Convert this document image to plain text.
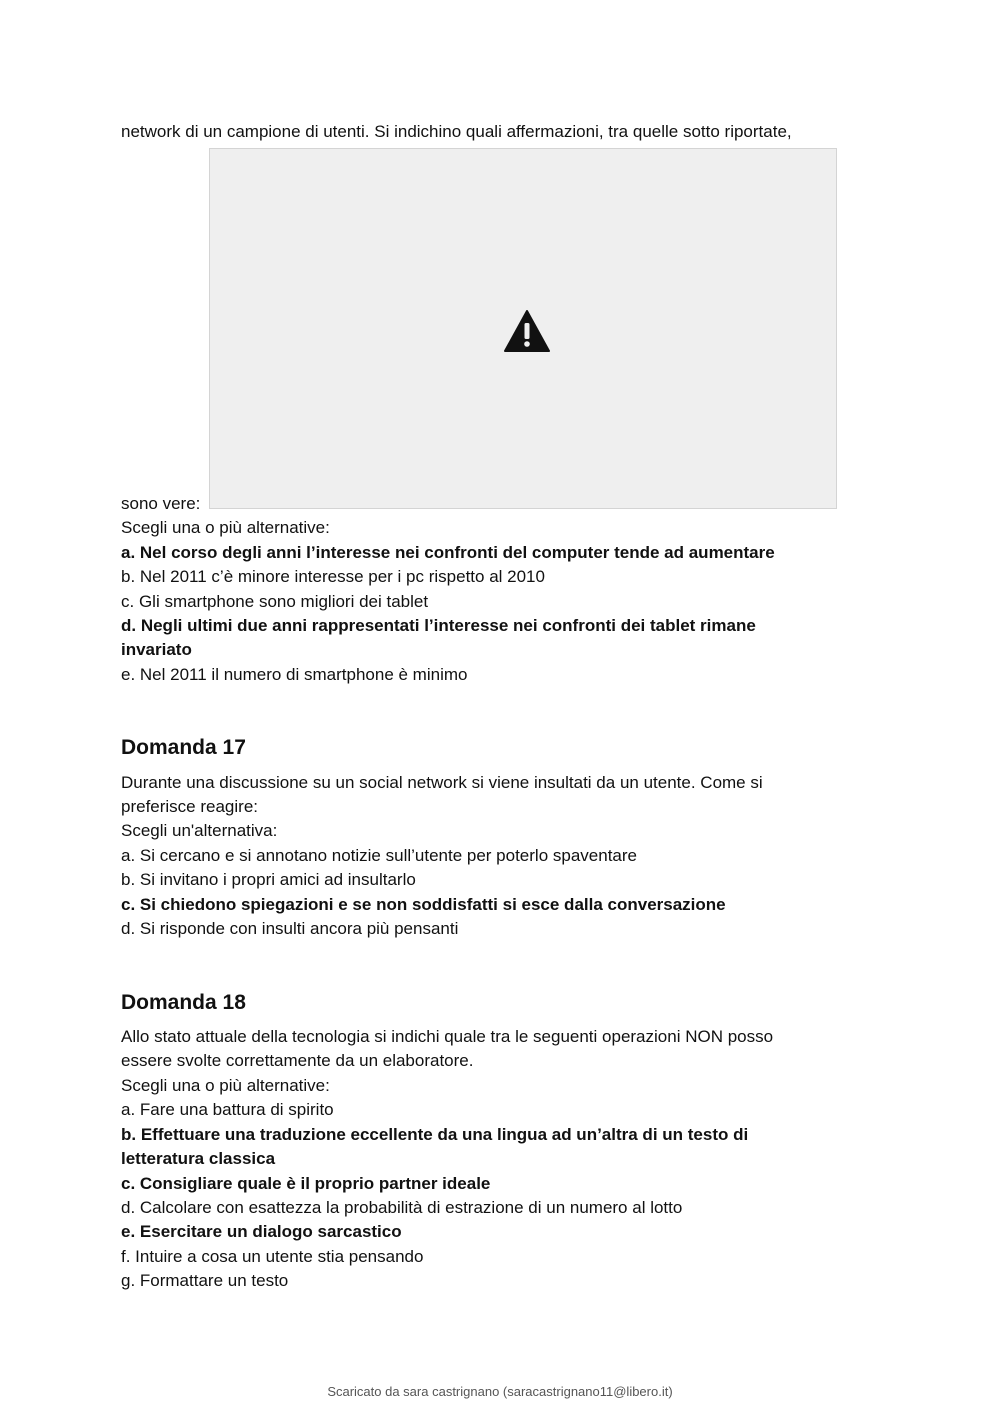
network di un campione di utenti. Si indichino quali affermazioni, tra quelle sotto riportate,
sono vere:
Scegli una o più alternative:
a. Nel corso degli anni l’interesse nei confronti del computer tende ad aumentare
b. Nel 2011 c’è minore interesse per i pc rispetto al 2010
c. Gli smartphone sono migliori dei tablet
d. Negli ultimi due anni rappresentati l’interesse nei confronti dei tablet rimane
invariato
e. Nel 2011 il numero di smartphone è minimo
Domanda 17
Durante una discussione su un social network si viene insultati da un utente. Come si
preferisce reagire:
Scegli un'alternativa:
a. Si cercano e si annotano notizie sull’utente per poterlo spaventare
b. Si invitano i propri amici ad insultarlo
c. Si chiedono spiegazioni e se non soddisfatti si esce dalla conversazione
d. Si risponde con insulti ancora più pensanti
Domanda 18
Allo stato attuale della tecnologia si indichi quale tra le seguenti operazioni NON posso
essere svolte correttamente da un elaboratore.
Scegli una o più alternative:
a. Fare una battura di spirito
b. Effettuare una traduzione eccellente da una lingua ad un’altra di un testo di
letteratura classica
c. Consigliare quale è il proprio partner ideale
d. Calcolare con esattezza la probabilità di estrazione di un numero al lotto
e. Esercitare un dialogo sarcastico
f. Intuire a cosa un utente stia pensando
g. Formattare un testo
Scaricato da sara castrignano (saracastrignano11@libero.it)
